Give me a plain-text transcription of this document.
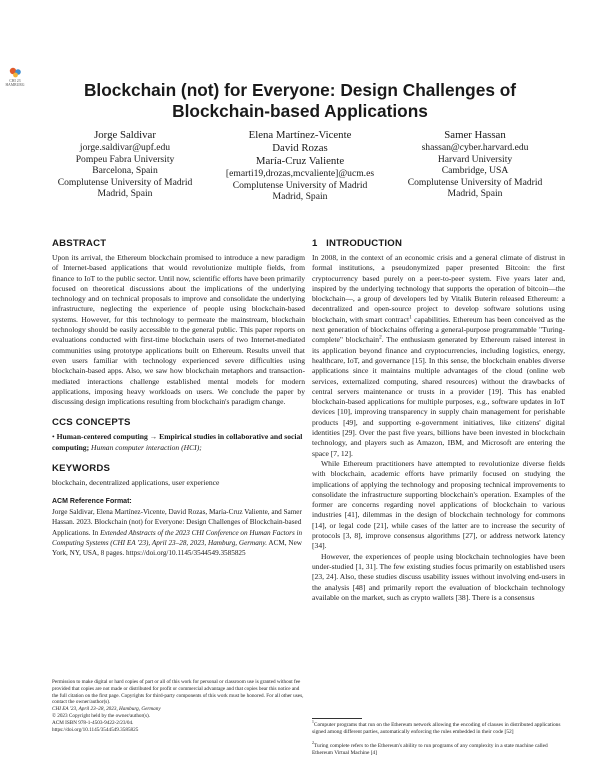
CHI 23
HAMBURG	Blockchain (not) for Everyone: Design Challenges of
Blockchain-based Applications
Jorge Saldivar
jorge.saldivar@upf.edu
Pompeu Fabra University
Barcelona, Spain
Complutense University of Madrid
Madrid, Spain
Elena Martínez-Vicente
David Rozas
María-Cruz Valiente
[emarti19,drozas,mcvaliente]@ucm.es
Complutense University of Madrid
Madrid, Spain
Samer Hassan
shassan@cyber.harvard.edu
Harvard University
Cambridge, USA
Complutense University of Madrid
Madrid, Spain
ABSTRACT

Upon its arrival, the Ethereum blockchain promised to introduce a new paradigm of Internet-based applications that would revolutionize multiple fields, from finance to IoT to the public sector. Until now, scientific efforts have been primarily focused on theoretical discussions about the implications of the underlying technology and on technical proposals to improve and consolidate the underlying infrastructure, neglecting the experience of people using blockchain-based systems. However, for this technology to permeate the mainstream, blockchain technology should be easily accessible to the general public. This paper reports on evaluations conducted with first-time blockchain users of two Internet-mediated communities using prototype applications built on Ethereum. Results unveil that even users familiar with technology experienced severe difficulties using blockchain-based apps. Also, we saw how blockchain metaphors and transaction-mediated interactions challenge established mental models for modern applications, imposing heavy workloads on users. We conclude the paper by discussing design implications resulting from blockchain's paradigm change.

CCS CONCEPTS

• Human-centered computing → Empirical studies in collaborative and social computing; Human computer interaction (HCI);

KEYWORDS

blockchain, decentralized applications, user experience

ACM Reference Format:

Jorge Saldivar, Elena Martínez-Vicente, David Rozas, María-Cruz Valiente, and Samer Hassan. 2023. Blockchain (not) for Everyone: Design Challenges of Blockchain-based Applications. In Extended Abstracts of the 2023 CHI Conference on Human Factors in Computing Systems (CHI EA '23), April 23–28, 2023, Hamburg, Germany. ACM, New York, NY, USA, 8 pages. https://doi.org/10.1145/3544549.3585825

Permission to make digital or hard copies of part or all of this work for personal or classroom use is granted without fee provided that copies are not made or distributed for profit or commercial advantage and that copies bear this notice and the full citation on the first page. Copyrights for third-party components of this work must be honored. For all other uses, contact the owner/author(s).

CHI EA '23, April 23–28, 2023, Hamburg, Germany

© 2023 Copyright held by the owner/author(s).

ACM ISBN 978-1-4503-9422-2/23/04.

https://doi.org/10.1145/3544549.3585825

1   INTRODUCTION

In 2008, in the context of an economic crisis and a general climate of distrust in formal institutions, a pseudonymized paper presented Bitcoin: the first cryptocurrency based purely on a peer-to-peer system. Five years later and, inspired by the underlying technology that supports the operation of bitcoin—the blockchain—, a group of developers led by Vitalik Buterin released Ethereum: a decentralized and open-source project to develop software solutions using blockchain, with smart contract$^1$ capabilities. Ethereum has been conceived as the next generation of blockchains offering a general-purpose programmable "Turing-complete" blockchain$^2$. The enthusiasm generated by Ethereum raised interest in its application beyond finance and cryptocurrencies, including logistics, energy, healthcare, IoT, and governance [15]. In this sense, the blockchain enables diverse applications since it maintains multiple advantages of the cloud (online web services, externalized computing, shared resources) without the drawbacks of central servers maintenance or trusts in a provider [19]. This has enabled blockchain-based applications for multiple purposes, e.g., software updates in IoT devices [10], improving transparency in supply chain management for perishable products [49], and supporting e-government initiatives, like citizens' digital identities [29]. Over the past five years, billions have been invested in blockchain technology, and players such as Amazon, IBM, and Microsoft are entering the space [7, 12].

While Ethereum practitioners have attempted to revolutionize diverse fields with blockchain, academic efforts have primarily focused on studying the implications of applying the technology and proposing technical improvements to consolidate the infrastructure supporting blockchain's operation. Examples of the former are concerns regarding novel applications of blockchain to various industries [41], dilemmas in the design of blockchain technology for commons [14], or legal code [21], while cases of the latter are to increase the security of protocols [3, 8], improve consensus algorithms [27], or address network latency [34].

However, the experiences of people using blockchain technologies have been under-studied [1, 31]. The few existing studies focus primarily on established users [23, 24]. Also, these studies discuss usability issues without involving end-users in the analysis [48] and primarily report the evaluation of blockchain technology available on the market, such as crypto wallets [38]. There is a consensus

$^1$Computer programs that run on the Ethereum network allowing the encoding of clauses in distributed applications signed among different parties, automatically enforcing the rules embedded in their code [52]

$^2$Turing complete refers to the Ethereum's ability to run programs of any complexity in a state machine called Ethereum Virtual Machine [4]
